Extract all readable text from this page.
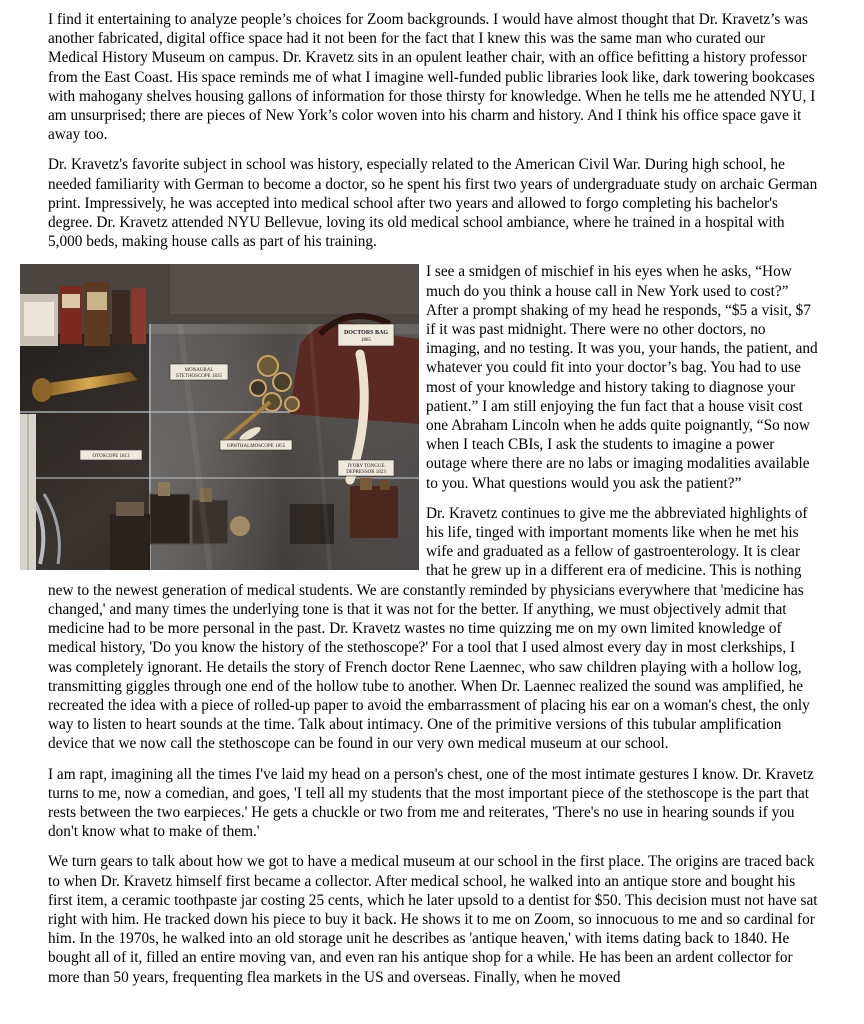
I find it entertaining to analyze people’s choices for Zoom backgrounds. I would have almost thought that Dr. Kravetz’s was another fabricated, digital office space had it not been for the fact that I knew this was the same man who curated our Medical History Museum on campus. Dr. Kravetz sits in an opulent leather chair, with an office befitting a history professor from the East Coast. His space reminds me of what I imagine well-funded public libraries look like, dark towering bookcases with mahogany shelves housing gallons of information for those thirsty for knowledge. When he tells me he attended NYU, I am unsurprised; there are pieces of New York’s color woven into his charm and history. And I think his office space gave it away too.

Dr. Kravetz's favorite subject in school was history, especially related to the American Civil War. During high school, he needed familiarity with German to become a doctor, so he spent his first two years of undergraduate study on archaic German print. Impressively, he was accepted into medical school after two years and allowed to forgo completing his bachelor's degree. Dr. Kravetz attended NYU Bellevue, loving its old medical school ambiance, where he trained in a hospital with 5,000 beds, making house calls as part of his training.

DOCTORS BAG
1885
MONAURAL
STETHOSCOPE 1835
OPHTHALMOSCOPE 1855
IVORY TONGUE
DEPRESSOR 1823
OTOSCOPE 1813

I see a smidgen of mischief in his eyes when he asks, “How much do you think a house call in New York used to cost?” After a prompt shaking of my head he responds, “$5 a visit, $7 if it was past midnight. There were no other doctors, no imaging, and no testing. It was you, your hands, the patient, and whatever you could fit into your doctor’s bag. You had to use most of your knowledge and history taking to diagnose your patient.” I am still enjoying the fun fact that a house visit cost one Abraham Lincoln when he adds quite poignantly, “So now when I teach CBIs, I ask the students to imagine a power outage where there are no labs or imaging modalities available to you. What questions would you ask the patient?”

Dr. Kravetz continues to give me the abbreviated highlights of his life, tinged with important moments like when he met his wife and graduated as a fellow of gastroenterology. It is clear that he grew up in a different era of medicine. This is nothing new to the newest generation of medical students. We are constantly reminded by physicians everywhere that 'medicine has changed,' and many times the underlying tone is that it was not for the better. If anything, we must objectively admit that medicine had to be more personal in the past. Dr. Kravetz wastes no time quizzing me on my own limited knowledge of medical history, 'Do you know the history of the stethoscope?' For a tool that I used almost every day in most clerkships, I was completely ignorant. He details the story of French doctor Rene Laennec, who saw children playing with a hollow log, transmitting giggles through one end of the hollow tube to another. When Dr. Laennec realized the sound was amplified, he recreated the idea with a piece of rolled-up paper to avoid the embarrassment of placing his ear on a woman's chest, the only way to listen to heart sounds at the time. Talk about intimacy. One of the primitive versions of this tubular amplification device that we now call the stethoscope can be found in our very own medical museum at our school.

I am rapt, imagining all the times I've laid my head on a person's chest, one of the most intimate gestures I know. Dr. Kravetz turns to me, now a comedian, and goes, 'I tell all my students that the most important piece of the stethoscope is the part that rests between the two earpieces.' He gets a chuckle or two from me and reiterates, 'There's no use in hearing sounds if you don't know what to make of them.'

We turn gears to talk about how we got to have a medical museum at our school in the first place. The origins are traced back to when Dr. Kravetz himself first became a collector. After medical school, he walked into an antique store and bought his first item, a ceramic toothpaste jar costing 25 cents, which he later upsold to a dentist for $50. This decision must not have sat right with him. He tracked down his piece to buy it back. He shows it to me on Zoom, so innocuous to me and so cardinal for him. In the 1970s, he walked into an old storage unit he describes as 'antique heaven,' with items dating back to 1840. He bought all of it, filled an entire moving van, and even ran his antique shop for a while. He has been an ardent collector for more than 50 years, frequenting flea markets in the US and overseas. Finally, when he moved
